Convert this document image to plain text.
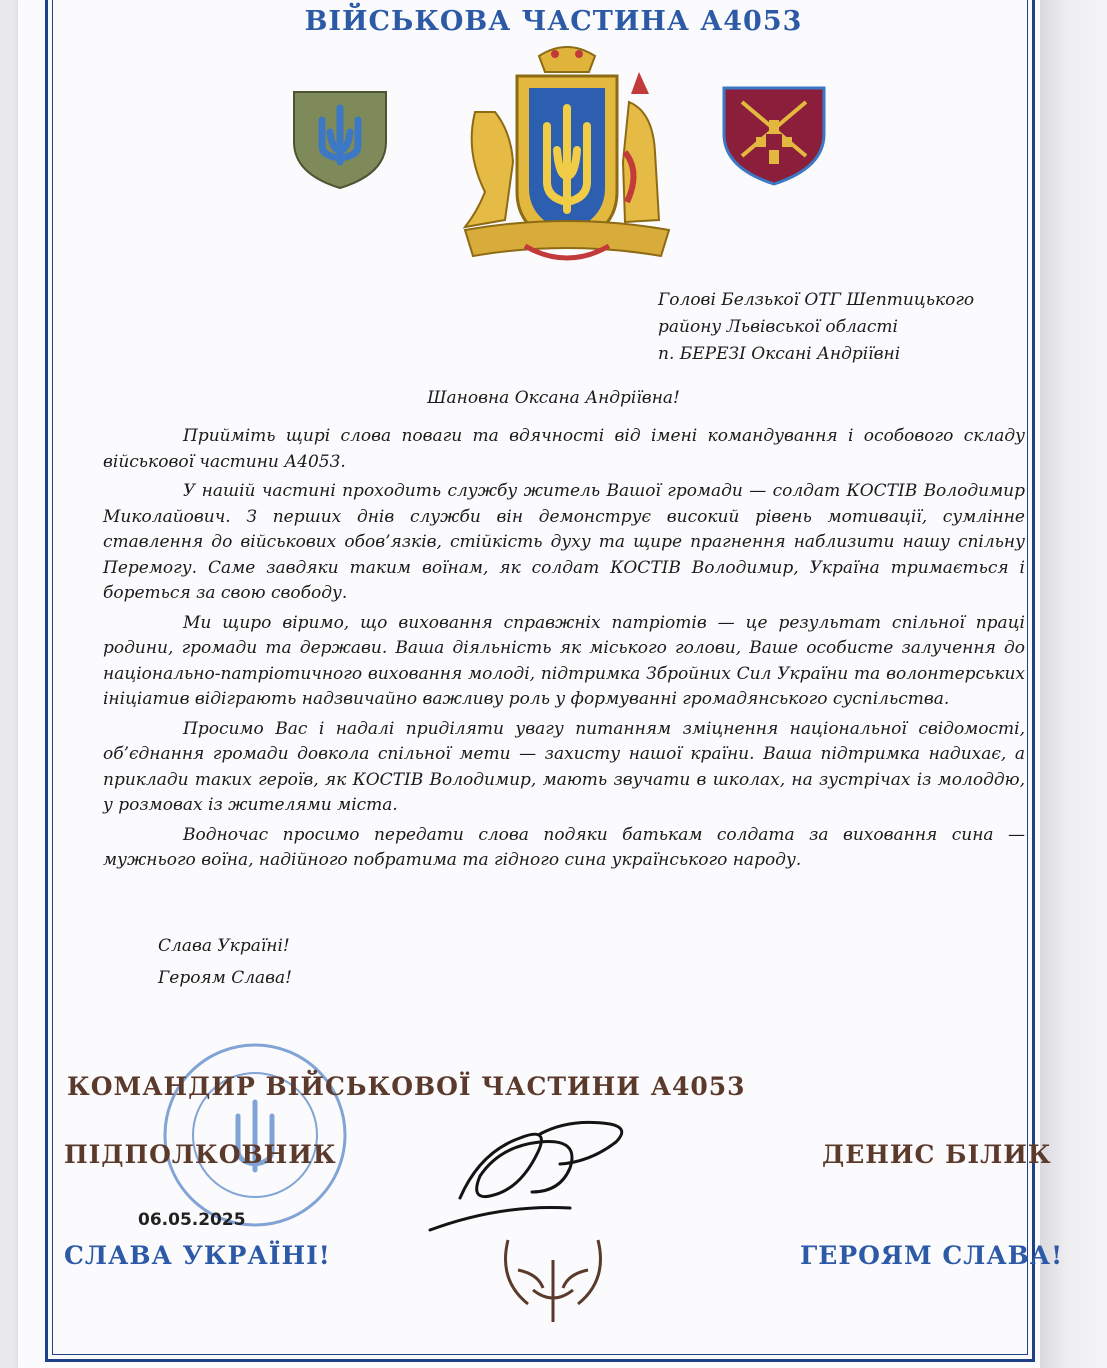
ВІЙСЬКОВА ЧАСТИНА А4053
Голові Белзької ОТГ Шептицького
району Львівської області
п. БЕРЕЗІ Оксані Андріївні
Шановна Оксана Андріївна!

Прийміть щирі слова поваги та вдячності від імені командування і особового складу військової частини А4053.

У нашій частині проходить службу житель Вашої громади — солдат КОСТІВ Володимир Миколайович. З перших днів служби він демонструє високий рівень мотивації, сумлінне ставлення до військових обов’язків, стійкість духу та щире прагнення наблизити нашу спільну Перемогу. Саме завдяки таким воїнам, як солдат КОСТІВ Володимир, Україна тримається і бореться за свою свободу.

Ми щиро віримо, що виховання справжніх патріотів — це результат спільної праці родини, громади та держави. Ваша діяльність як міського голови, Ваше особисте залучення до національно-патріотичного виховання молоді, підтримка Збройних Сил України та волонтерських ініціатив відіграють надзвичайно важливу роль у формуванні громадянського суспільства.

Просимо Вас і надалі приділяти увагу питанням зміцнення національної свідомості, об’єднання громади довкола спільної мети — захисту нашої країни. Ваша підтримка надихає, а приклади таких героїв, як КОСТІВ Володимир, мають звучати в школах, на зустрічах із молоддю, у розмовах із жителями міста.

Водночас просимо передати слова подяки батькам солдата за виховання сина — мужнього воїна, надійного побратима та гідного сина українського народу.

Слава Україні!
Героям Слава!
КОМАНДИР ВІЙСЬКОВОЇ ЧАСТИНИ А4053
ПІДПОЛКОВНИК	ДЕНИС БІЛИК
06.05.2025
СЛАВА УКРАЇНІ!	ГЕРОЯМ СЛАВА!
